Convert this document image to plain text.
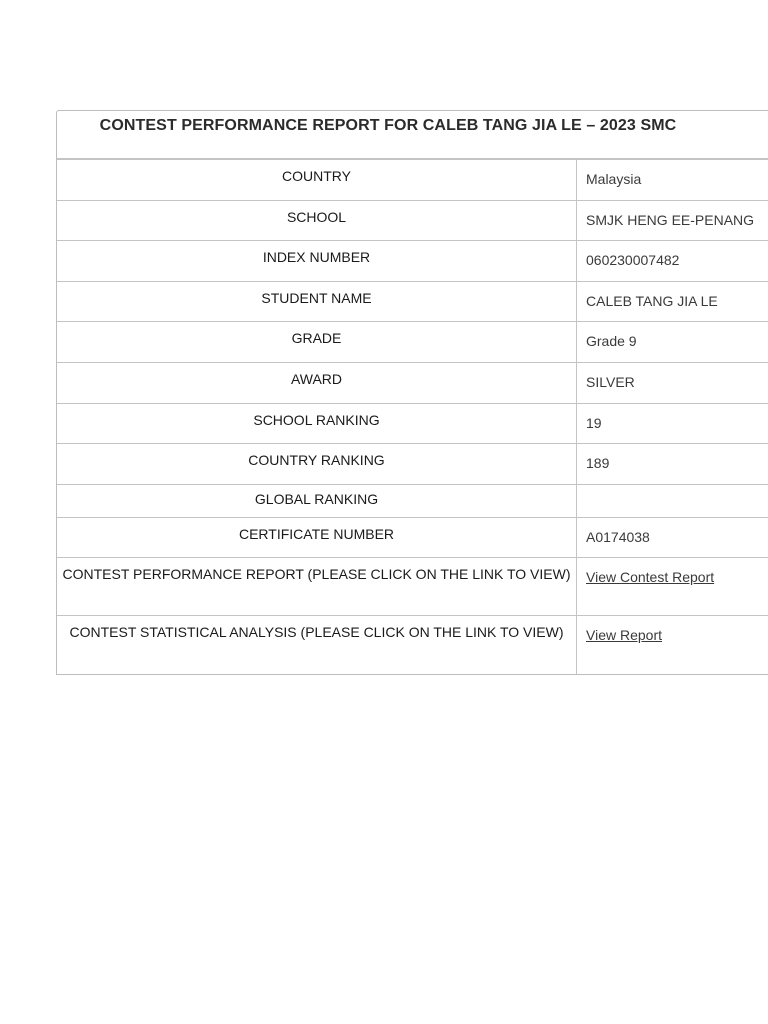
CONTEST PERFORMANCE REPORT FOR CALEB TANG JIA LE – 2023 SMC
COUNTRY	Malaysia
SCHOOL	SMJK HENG EE-PENANG
INDEX NUMBER	060230007482
STUDENT NAME	CALEB TANG JIA LE
GRADE	Grade 9
AWARD	SILVER
SCHOOL RANKING	19
COUNTRY RANKING	189
GLOBAL RANKING
CERTIFICATE NUMBER	A0174038
CONTEST PERFORMANCE REPORT (PLEASE CLICK ON THE LINK TO VIEW)	View Contest Report
CONTEST STATISTICAL ANALYSIS (PLEASE CLICK ON THE LINK TO VIEW)	View Report
